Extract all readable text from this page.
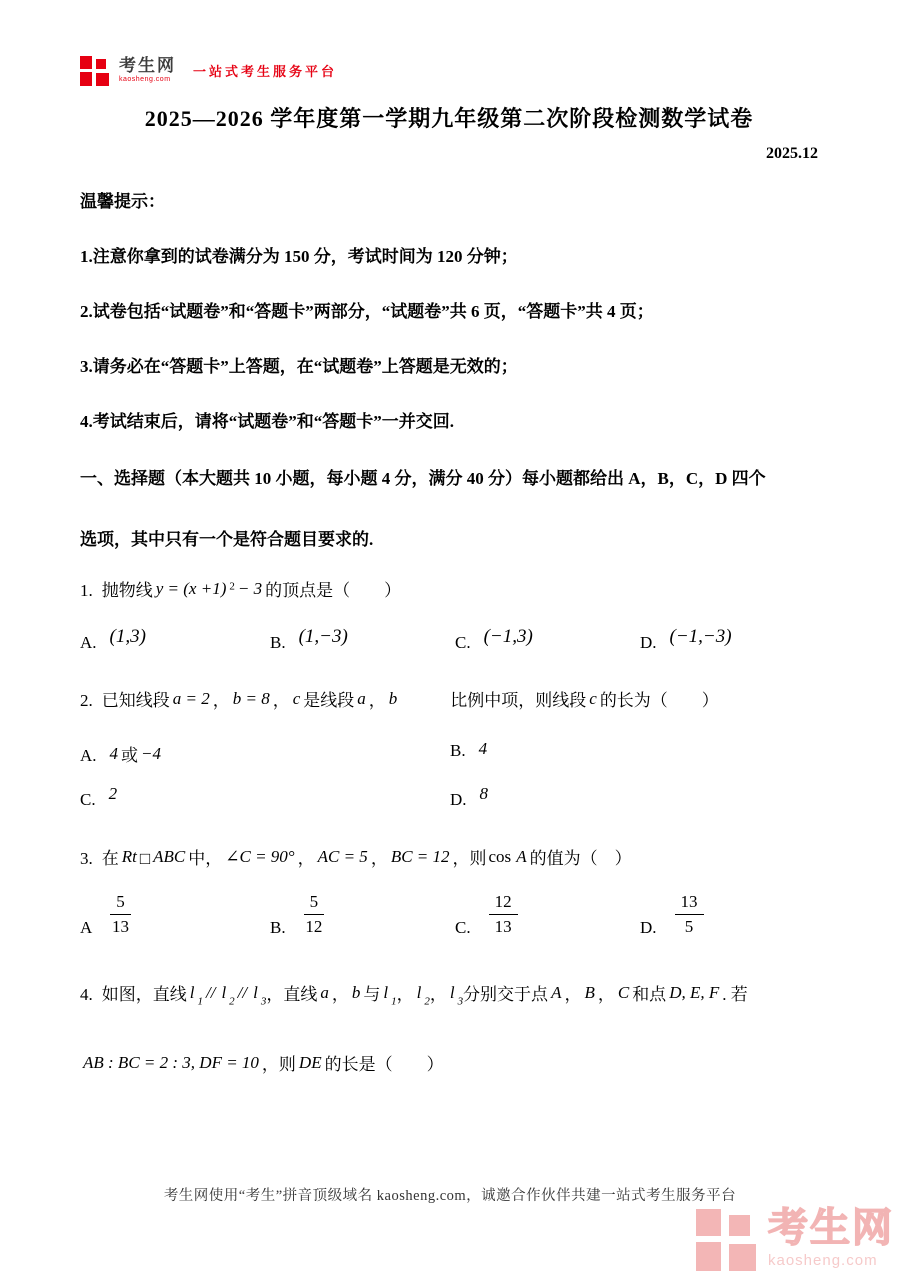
考生网
kaosheng.com
一站式考生服务平台
2025—2026 学年度第一学期九年级第二次阶段检测数学试卷
2025.12

温馨提示：

1.注意你拿到的试卷满分为 150 分，考试时间为 120 分钟；

2.试卷包括“试题卷”和“答题卡”两部分，“试题卷”共 6 页，“答题卡”共 4 页；

3.请务必在“答题卡”上答题，在“试题卷”上答题是无效的；

4.考试结束后，请将“试题卷”和“答题卡”一并交回.

一、选择题（本大题共 10 小题，每小题 4 分，满分 40 分）每小题都给出 A，B，C，D 四个

选项，其中只有一个是符合题目要求的.

1. 抛物线 y = (x +1) $^2$ − 3 的顶点是（　　）

A. (1,3)	B. (1,−3)	C. (−1,3)	D. (−1,−3)

2. 已知线段 a = 2 ， b = 8 ， c 是线段 a ， b	比例中项，则线段 c 的长为（　　）

A. 4 或 −4	B. 4
C. 2	D. 8

3. 在 Rt □ ABC 中， ∠C = 90° ， AC = 5 ， BC = 12 ，则 cos A 的值为（　）

A $\frac{5}{13}$	B. $\frac{5}{12}$	C. $\frac{12}{13}$	D. $\frac{13}{5}$

4. 如图，直线 l $_1$ // l $_2$ // l $_3$，直线 a ， b 与 l $_1$， l $_2$， l $_3$分别交于点 A ， B ， C 和点 D, E, F . 若

AB : BC = 2 : 3, DF = 10 ，则 DE 的长是（　　）

考生网使用“考生”拼音顶级域名 kaosheng.com，诚邀合作伙伴共建一站式考生服务平台
考生网
kaosheng.com
